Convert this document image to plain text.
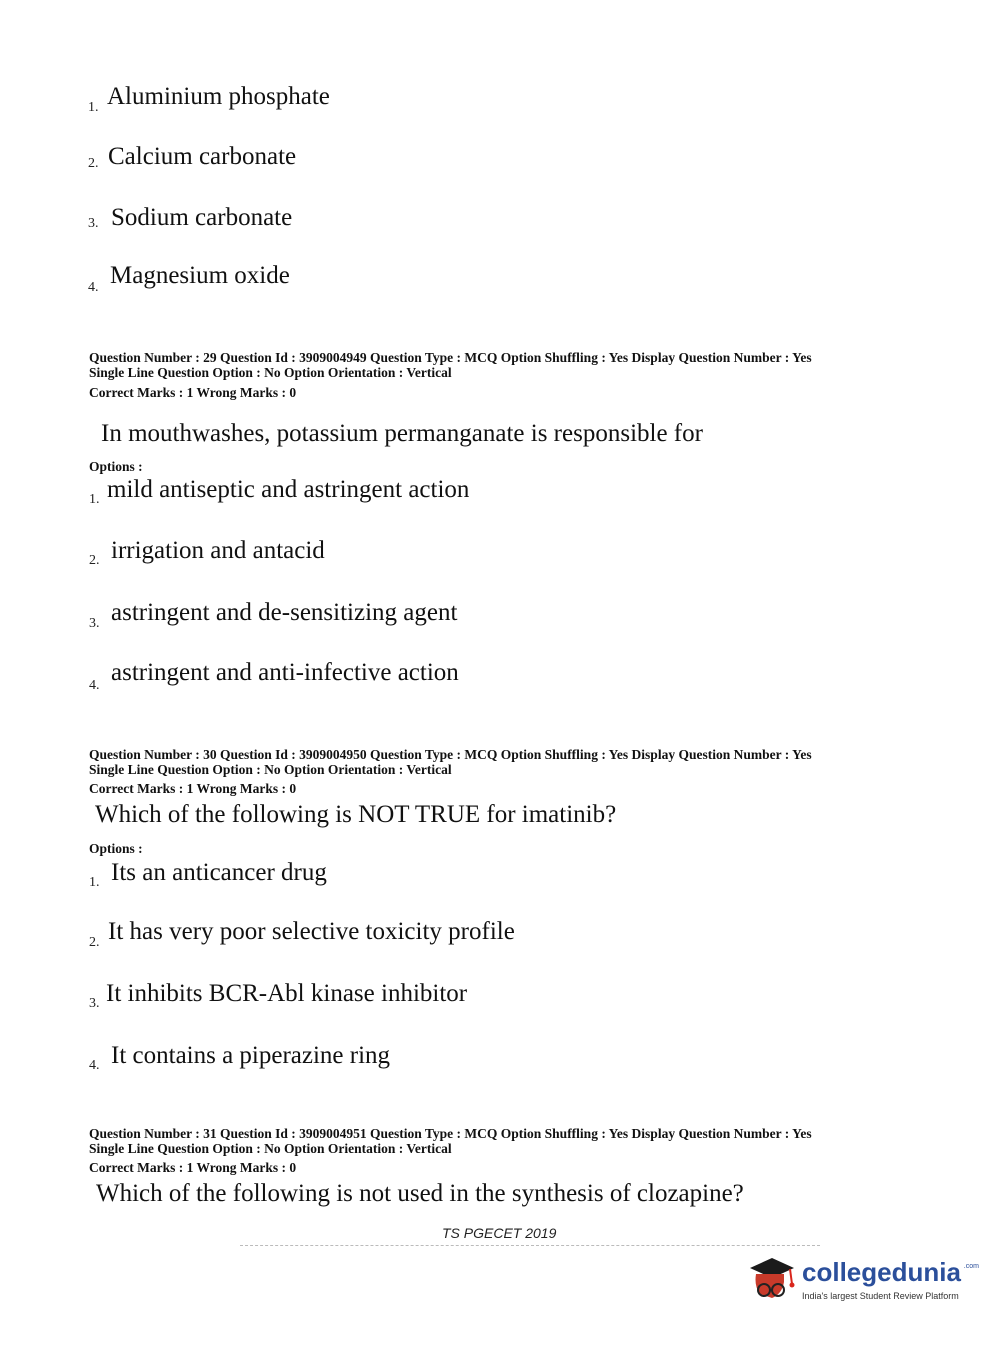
1. Aluminium phosphate
2. Calcium carbonate
3. Sodium carbonate
4. Magnesium oxide
Question Number : 29 Question Id : 3909004949 Question Type : MCQ Option Shuffling : Yes Display Question Number : Yes
Single Line Question Option : No Option Orientation : Vertical
Correct Marks : 1 Wrong Marks : 0
In mouthwashes, potassium permanganate is responsible for
Options :
1. mild antiseptic and astringent action
2. irrigation and antacid
3. astringent and de-sensitizing agent
4. astringent and anti-infective action
Question Number : 30 Question Id : 3909004950 Question Type : MCQ Option Shuffling : Yes Display Question Number : Yes
Single Line Question Option : No Option Orientation : Vertical
Correct Marks : 1 Wrong Marks : 0
Which of the following is NOT TRUE for imatinib?
Options :
1. Its an anticancer drug
2. It has very poor selective toxicity profile
3. It inhibits BCR-Abl kinase inhibitor
4. It contains a piperazine ring
Question Number : 31 Question Id : 3909004951 Question Type : MCQ Option Shuffling : Yes Display Question Number : Yes
Single Line Question Option : No Option Orientation : Vertical
Correct Marks : 1 Wrong Marks : 0
Which of the following is not used in the synthesis of clozapine?
TS PGECET 2019
collegedunia .com
India's largest Student Review Platform
